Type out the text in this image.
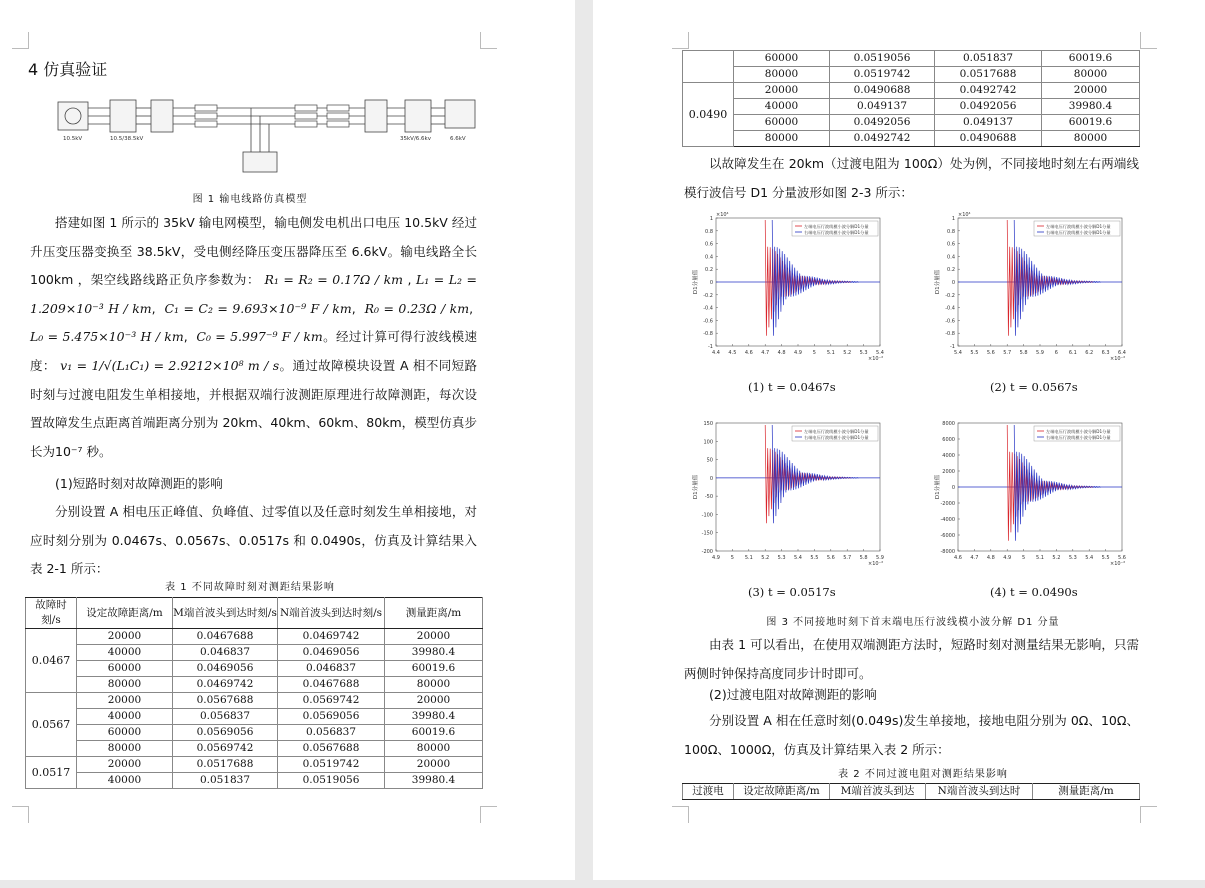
4 仿真验证
10.5kV	10.5/38.5kV	35kV/6.6kv	6.6kV
图 1 输电线路仿真模型

搭建如图 1 所示的 35kV 输电网模型，输电侧发电机出口电压 10.5kV 经过升压变压器变换至 38.5kV，受电侧经降压变压器降压至 6.6kV。输电线路全长 100km ，架空线路线路正负序参数为： R₁ = R₂ = 0.17Ω / km , L₁ = L₂ = 1.209×10⁻³ H / km,  C₁ = C₂ = 9.693×10⁻⁹ F / km,  R₀ = 0.23Ω / km,  L₀ = 5.475×10⁻³ H / km,  C₀ = 5.997⁻⁹ F / km。经过计算可得行波线模速度： v₁ = 1/√(L₁C₁) = 2.9212×10⁸ m / s。通过故障模块设置 A 相不同短路时刻与过渡电阻发生单相接地，并根据双端行波测距原理进行故障测距，每次设置故障发生点距离首端距离分别为 20km、40km、60km、80km，模型仿真步长为10⁻⁷ 秒。

(1)短路时刻对故障测距的影响

分别设置 A 相电压正峰值、负峰值、过零值以及任意时刻发生单相接地，对应时刻分别为 0.0467s、0.0567s、0.0517s 和 0.0490s，仿真及计算结果入表 2-1 所示：

表 1 不同故障时刻对测距结果影响
故障时刻/s	设定故障距离/m	M端首波头到达时刻/s	N端首波头到达时刻/s	测量距离/m
0.0467	20000	0.0467688	0.0469742	20000
	40000	0.046837	0.0469056	39980.4
	60000	0.0469056	0.046837	60019.6
	80000	0.0469742	0.0467688	80000
0.0567	20000	0.0567688	0.0569742	20000
	40000	0.056837	0.0569056	39980.4
	60000	0.0569056	0.056837	60019.6
	80000	0.0569742	0.0567688	80000
0.0517	20000	0.0517688	0.0519742	20000
	40000	0.051837	0.0519056	39980.4
	60000	0.0519056	0.051837	60019.6
	80000	0.0519742	0.0517688	80000
0.0490	20000	0.0490688	0.0492742	20000
	40000	0.049137	0.0492056	39980.4
	60000	0.0492056	0.049137	60019.6
	80000	0.0492742	0.0490688	80000

以故障发生在 20km（过渡电阻为 100Ω）处为例，不同接地时刻左右两端线模行波信号 D1 分量波形如图 2-3 所示：

1
0.8
0.6
0.4
0.2
0
-0.2
-0.4
-0.6
-0.8
-1
4.4 4.5 4.6 4.7 4.8 4.9 5 5.1 5.2 5.3 5.4
×10⁴
×10⁻²
D1分量值
左端电压行波线模小波分解D1分量
右端电压行波线模小波分解D1分量
(1) t = 0.0467s
1
0.8
0.6
0.4
0.2
0
-0.2
-0.4
-0.6
-0.8
-1
5.4 5.5 5.6 5.7 5.8 5.9 6 6.1 6.2 6.3 6.4
×10⁴
×10⁻²
D1分量值
左端电压行波线模小波分解D1分量
右端电压行波线模小波分解D1分量
(2) t = 0.0567s
150
100
50
0
-50
-100
-150
-200
4.9 5 5.1 5.2 5.3 5.4 5.5 5.6 5.7 5.8 5.9
×10⁻²
D1分量值
左端电压行波线模小波分解D1分量
右端电压行波线模小波分解D1分量
(3) t = 0.0517s
8000
6000
4000
2000
0
-2000
-4000
-6000
-8000
4.6 4.7 4.8 4.9 5 5.1 5.2 5.3 5.4 5.5 5.6
×10⁻²
D1分量值
左端电压行波线模小波分解D1分量
右端电压行波线模小波分解D1分量
(4) t = 0.0490s
图 3 不同接地时刻下首末端电压行波线模小波分解 D1 分量

由表 1 可以看出，在使用双端测距方法时，短路时刻对测量结果无影响，只需两侧时钟保持高度同步计时即可。

(2)过渡电阻对故障测距的影响

分别设置 A 相在任意时刻(0.049s)发生单接地，接地电阻分别为 0Ω、10Ω、100Ω、1000Ω，仿真及计算结果入表 2 所示：

表 2 不同过渡电阻对测距结果影响
过渡电	设定故障距离/m	M端首波头到达	N端首波头到达时	测量距离/m
